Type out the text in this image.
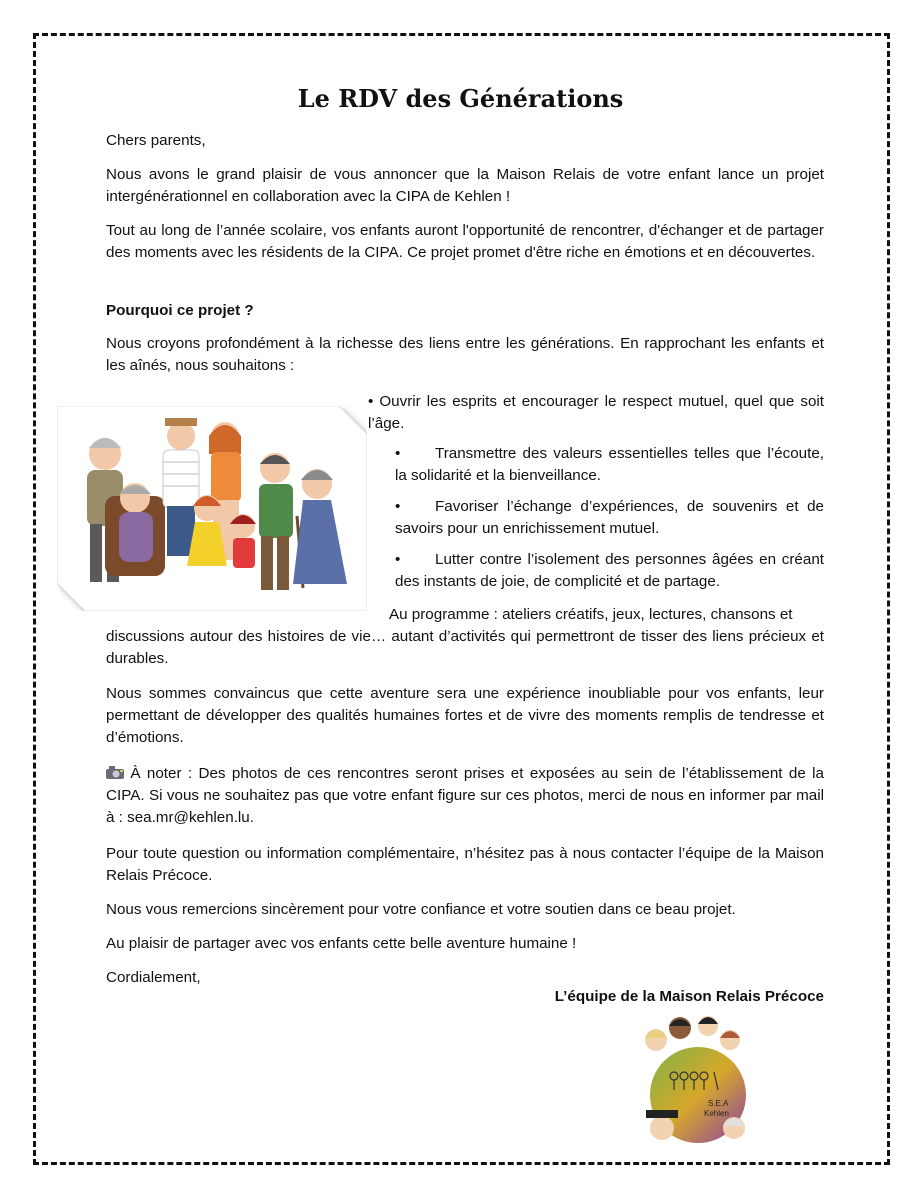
Le RDV des Générations

Chers parents,

Nous avons le grand plaisir de vous annoncer que la Maison Relais de votre enfant lance un projet intergénérationnel en collaboration avec la CIPA de Kehlen !

Tout au long de l’année scolaire, vos enfants auront l'opportunité de rencontrer, d'échanger et de partager des moments avec les résidents de la CIPA. Ce projet promet d'être riche en émotions et en découvertes.

Pourquoi ce projet ?

Nous croyons profondément à la richesse des liens entre les générations. En rapprochant les enfants et les aînés, nous souhaitons :

• Ouvrir les esprits et encourager le respect mutuel, quel que soit l’âge.

• Transmettre des valeurs essentielles telles que l’écoute, la solidarité et la bienveillance.

• Favoriser l’échange d’expériences, de souvenirs et de savoirs pour un enrichissement mutuel.

• Lutter contre l’isolement des personnes âgées en créant des instants de joie, de complicité et de partage.

Au programme : ateliers créatifs, jeux, lectures, chansons et

discussions autour des histoires de vie… autant d’activités qui permettront de tisser des liens précieux et durables.

Nous sommes convaincus que cette aventure sera une expérience inoubliable pour vos enfants, leur permettant de développer des qualités humaines fortes et de vivre des moments remplis de tendresse et d’émotions.

À noter : Des photos de ces rencontres seront prises et exposées au sein de l’établissement de la CIPA. Si vous ne souhaitez pas que votre enfant figure sur ces photos, merci de nous en informer par mail à : sea.mr@kehlen.lu.

Pour toute question ou information complémentaire, n’hésitez pas à nous contacter l’équipe de la Maison Relais Précoce.

Nous vous remercions sincèrement pour votre confiance et votre soutien dans ce beau projet.

Au plaisir de partager avec vos enfants cette belle aventure humaine !

Cordialement,

L’équipe de la Maison Relais Précoce
S.E.A
Kehlen
